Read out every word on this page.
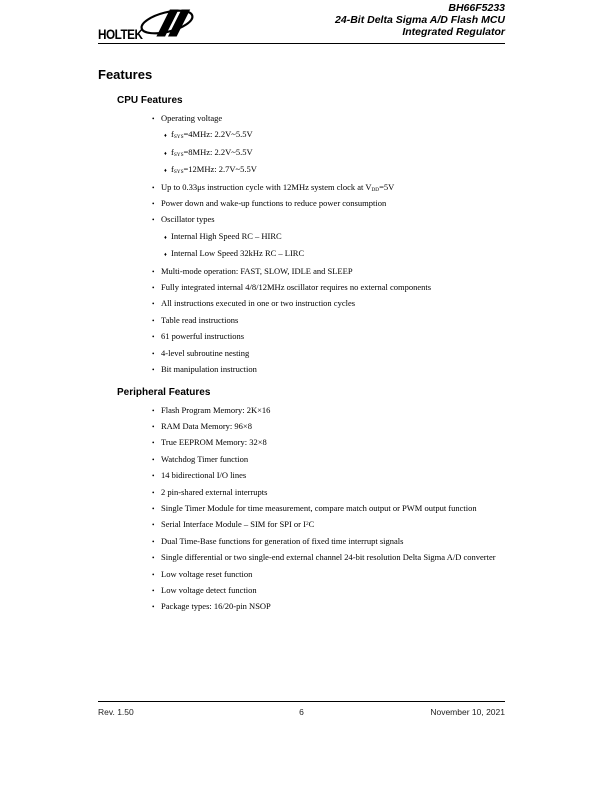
HOLTEK
BH66F5233
24-Bit Delta Sigma A/D Flash MCU
Integrated Regulator
Features
CPU Features
• Operating voltage
♦ $f_{SYS}=4MHz$: 2.2V~5.5V
♦ $f_{SYS}=8MHz$: 2.2V~5.5V
♦ $f_{SYS}=12MHz$: 2.7V~5.5V
• Up to 0.33μs instruction cycle with 12MHz system clock at $V_{DD}=5V$
• Power down and wake-up functions to reduce power consumption
• Oscillator types
♦ Internal High Speed RC – HIRC
♦ Internal Low Speed 32kHz RC – LIRC
• Multi-mode operation: FAST, SLOW, IDLE and SLEEP
• Fully integrated internal 4/8/12MHz oscillator requires no external components
• All instructions executed in one or two instruction cycles
• Table read instructions
• 61 powerful instructions
• 4-level subroutine nesting
• Bit manipulation instruction
Peripheral Features
• Flash Program Memory: 2K×16
• RAM Data Memory: 96×8
• True EEPROM Memory: 32×8
• Watchdog Timer function
• 14 bidirectional I/O lines
• 2 pin-shared external interrupts
• Single Timer Module for time measurement, compare match output or PWM output function
• Serial Interface Module – SIM for SPI or $I^2C$
• Dual Time-Base functions for generation of fixed time interrupt signals
• Single differential or two single-end external channel 24-bit resolution Delta Sigma A/D converter
• Low voltage reset function
• Low voltage detect function
• Package types: 16/20-pin NSOP
Rev. 1.50	6	November 10, 2021
